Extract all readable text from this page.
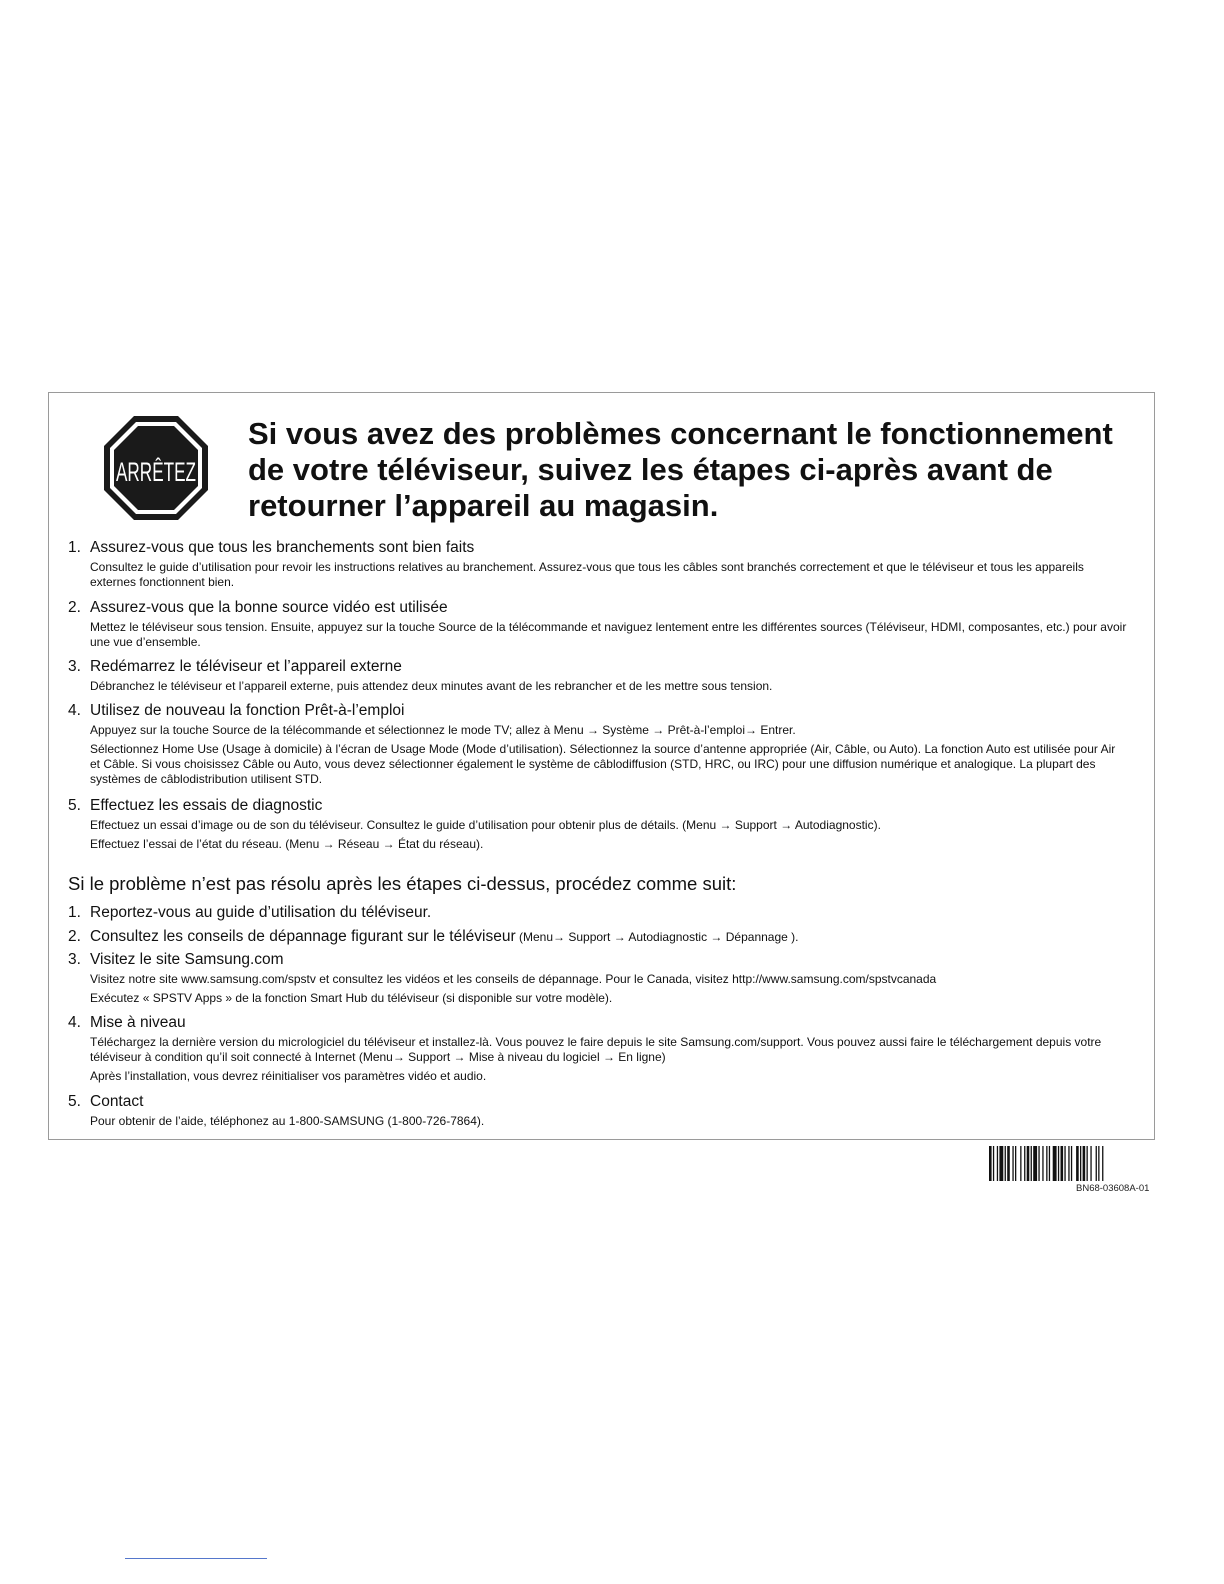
ARRÊTEZ
Si vous avez des problèmes concernant le fonctionnement
de votre téléviseur, suivez les étapes ci-après avant de
retourner l’appareil au magasin.
1. Assurez-vous que tous les branchements sont bien faits

Consultez le guide d’utilisation pour revoir les instructions relatives au branchement. Assurez-vous que tous les câbles sont branchés correctement et que le téléviseur et tous les appareils externes fonctionnent bien.

2. Assurez-vous que la bonne source vidéo est utilisée

Mettez le téléviseur sous tension. Ensuite, appuyez sur la touche Source de la télécommande et naviguez lentement entre les différentes sources (Téléviseur, HDMI, composantes, etc.) pour avoir une vue d’ensemble.

3. Redémarrez le téléviseur et l’appareil externe

Débranchez le téléviseur et l’appareil externe, puis attendez deux minutes avant de les rebrancher et de les mettre sous tension.

4. Utilisez de nouveau la fonction Prêt-à-l’emploi

Appuyez sur la touche Source de la télécommande et sélectionnez le mode TV; allez à Menu → Système → Prêt-à-l’emploi→ Entrer.

Sélectionnez Home Use (Usage à domicile) à l’écran de Usage Mode (Mode d’utilisation). Sélectionnez la source d’antenne appropriée (Air, Câble, ou Auto). La fonction Auto est utilisée pour Air et Câble. Si vous choisissez Câble ou Auto, vous devez sélectionner également le système de câblodiffusion (STD, HRC, ou IRC) pour une diffusion numérique et analogique. La plupart des systèmes de câblodistribution utilisent STD.

5. Effectuez les essais de diagnostic

Effectuez un essai d’image ou de son du téléviseur. Consultez le guide d’utilisation pour obtenir plus de détails. (Menu → Support → Autodiagnostic).

Effectuez l’essai de l’état du réseau. (Menu → Réseau → État du réseau).

Si le problème n’est pas résolu après les étapes ci-dessus, procédez comme suit:
1. Reportez-vous au guide d’utilisation du téléviseur.
2. Consultez les conseils de dépannage figurant sur le téléviseur (Menu→ Support → Autodiagnostic → Dépannage ).
3. Visitez le site Samsung.com

Visitez notre site www.samsung.com/spstv et consultez les vidéos et les conseils de dépannage. Pour le Canada, visitez http://www.samsung.com/spstvcanada

Exécutez « SPSTV Apps » de la fonction Smart Hub du téléviseur (si disponible sur votre modèle).

4. Mise à niveau

Téléchargez la dernière version du micrologiciel du téléviseur et installez-là. Vous pouvez le faire depuis le site Samsung.com/support. Vous pouvez aussi faire le téléchargement depuis votre téléviseur à condition qu’il soit connecté à Internet (Menu→ Support → Mise à niveau du logiciel → En ligne)

Après l’installation, vous devrez réinitialiser vos paramètres vidéo et audio.

5. Contact

Pour obtenir de l’aide, téléphonez au 1-800-SAMSUNG (1-800-726-7864).

BN68-03608A-01
